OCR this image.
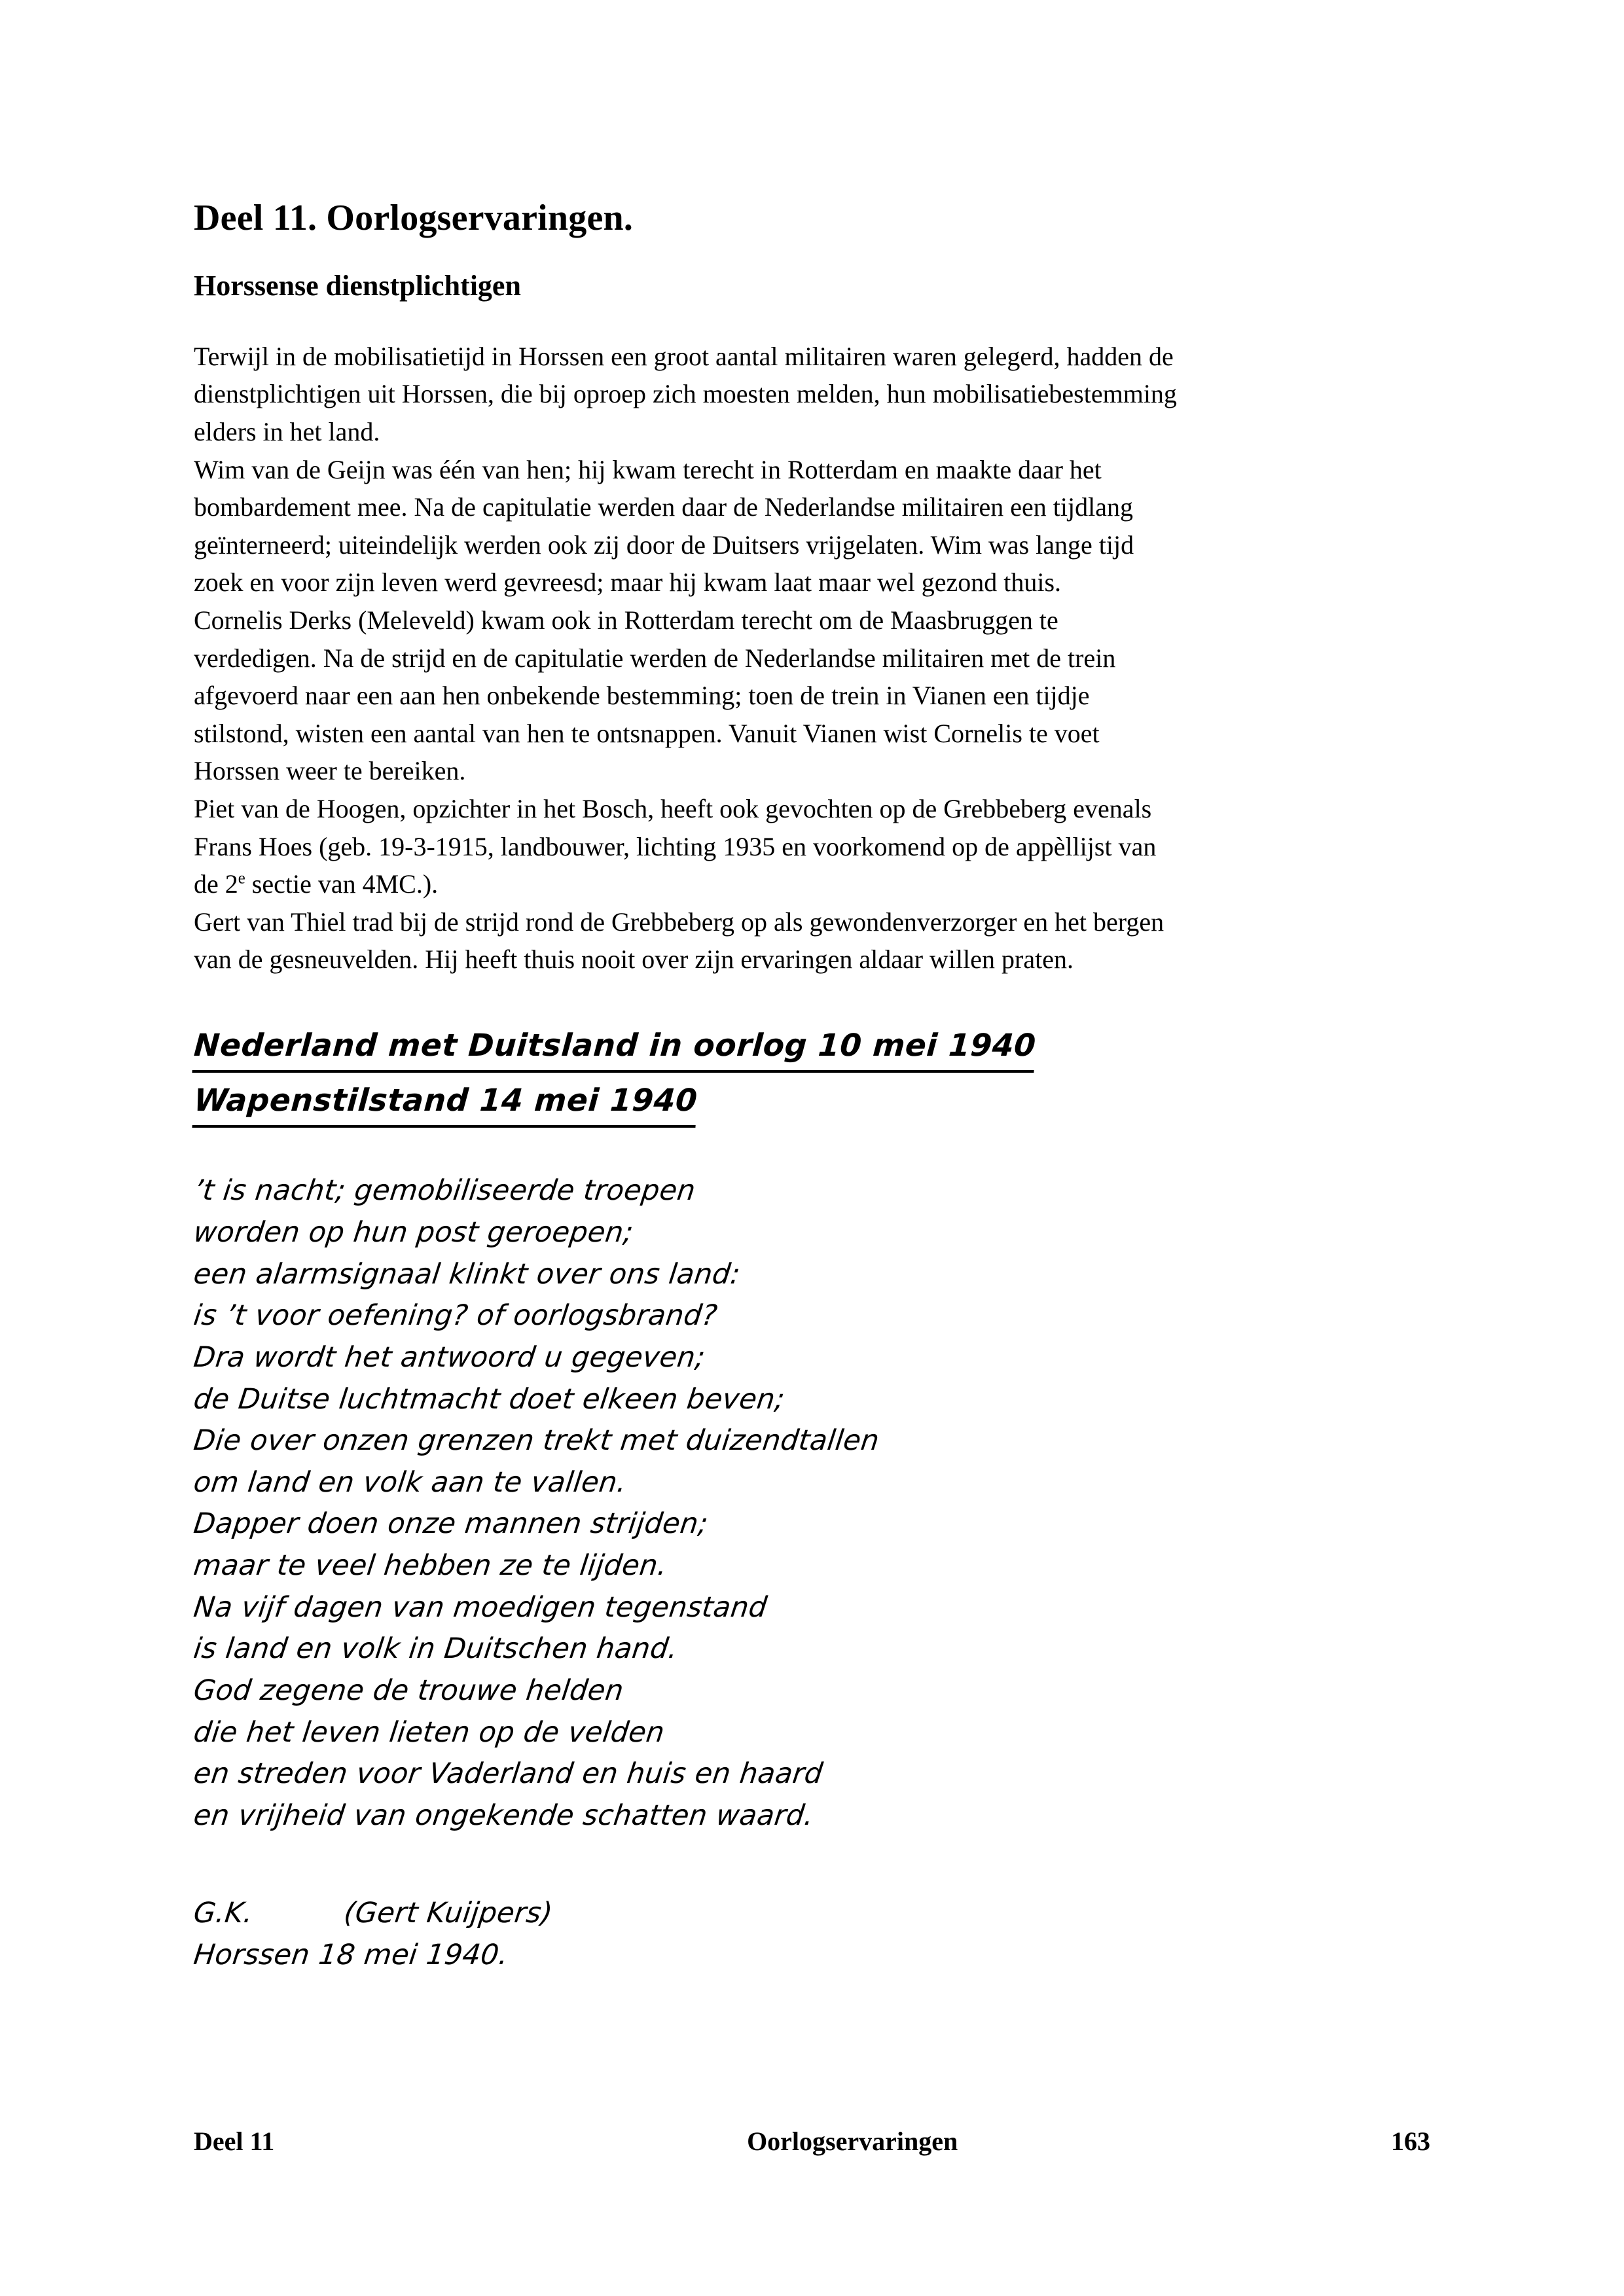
Deel 11. Oorlogservaringen.
Horssense dienstplichtigen
Terwijl in de mobilisatietijd in Horssen een groot aantal militairen waren gelegerd, hadden de
dienstplichtigen uit Horssen, die bij oproep zich moesten melden, hun mobilisatiebestemming
elders in het land.
Wim van de Geijn was één van hen; hij kwam terecht in Rotterdam en maakte daar het
bombardement mee. Na de capitulatie werden daar de Nederlandse militairen een tijdlang
geïnterneerd; uiteindelijk werden ook zij door de Duitsers vrijgelaten. Wim was lange tijd
zoek en voor zijn leven werd gevreesd; maar hij kwam laat maar wel gezond thuis.
Cornelis Derks (Meleveld) kwam ook in Rotterdam terecht om de Maasbruggen te
verdedigen. Na de strijd en de capitulatie werden de Nederlandse militairen met de trein
afgevoerd naar een aan hen onbekende bestemming; toen de trein in Vianen een tijdje
stilstond, wisten een aantal van hen te ontsnappen. Vanuit Vianen wist Cornelis te voet
Horssen weer te bereiken.
Piet van de Hoogen, opzichter in het Bosch, heeft ook gevochten op de Grebbeberg evenals
Frans Hoes (geb. 19-3-1915, landbouwer, lichting 1935 en voorkomend op de appèllijst van
de 2e sectie van 4MC.).
Gert van Thiel trad bij de strijd rond de Grebbeberg op als gewondenverzorger en het bergen
van de gesneuvelden. Hij heeft thuis nooit over zijn ervaringen aldaar willen praten.
Nederland met Duitsland in oorlog 10 mei 1940
Wapenstilstand 14 mei 1940
’t is nacht; gemobiliseerde troepen
worden op hun post geroepen;
een alarmsignaal klinkt over ons land:
is ’t voor oefening? of oorlogsbrand?
Dra wordt het antwoord u gegeven;
de Duitse luchtmacht doet elkeen beven;
Die over onzen grenzen trekt met duizendtallen
om land en volk aan te vallen.
Dapper doen onze mannen strijden;
maar te veel hebben ze te lijden.
Na vijf dagen van moedigen tegenstand
is land en volk in Duitschen hand.
God zegene de trouwe helden
die het leven lieten op de velden
en streden voor Vaderland en huis en haard
en vrijheid van ongekende schatten waard.
G.K.          (Gert Kuijpers)
Horssen 18 mei 1940.
Deel 11	Oorlogservaringen	163
